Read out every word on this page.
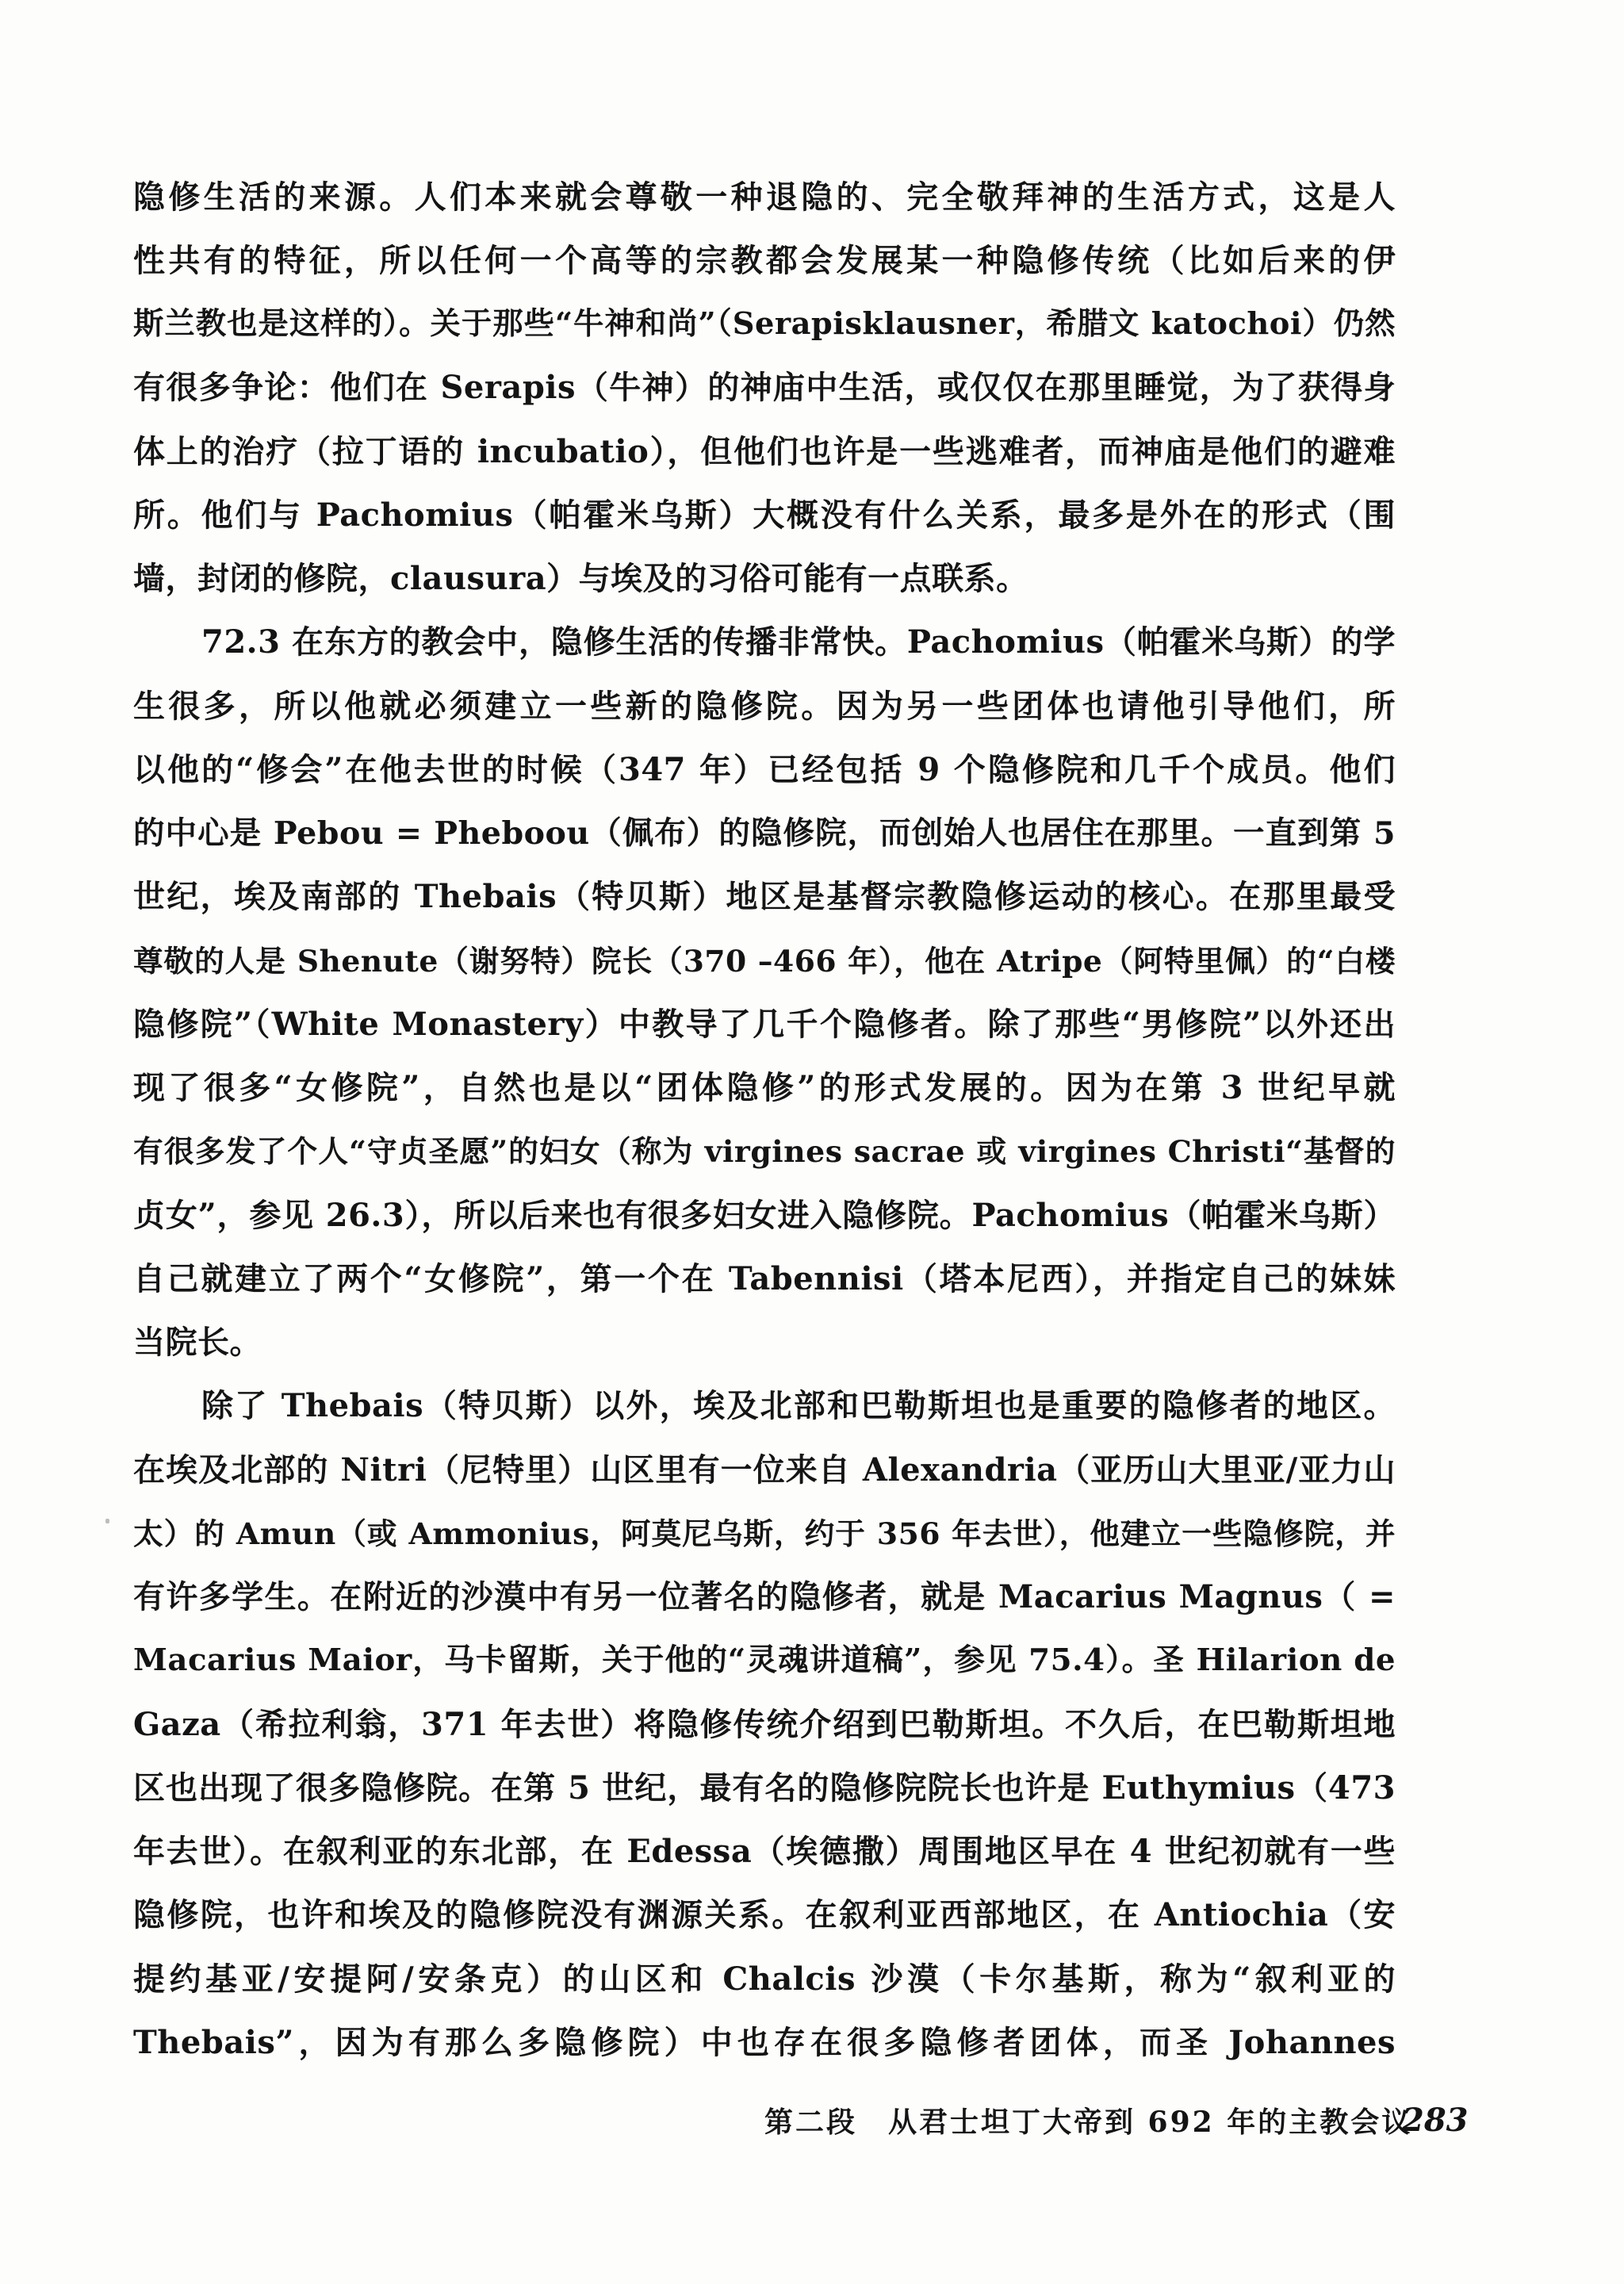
隐修生活的来源。人们本来就会尊敬一种退隐的、完全敬拜神的生活方式，这是人
性共有的特征，所以任何一个高等的宗教都会发展某一种隐修传统（比如后来的伊
斯兰教也是这样的）。关于那些“牛神和尚”（Serapisklausner，希腊文 katochoi）仍然
有很多争论：他们在 Serapis（牛神）的神庙中生活，或仅仅在那里睡觉，为了获得身
体上的治疗（拉丁语的 incubatio），但他们也许是一些逃难者，而神庙是他们的避难
所。他们与 Pachomius（帕霍米乌斯）大概没有什么关系，最多是外在的形式（围
墙，封闭的修院，clausura）与埃及的习俗可能有一点联系。
72.3 在东方的教会中，隐修生活的传播非常快。Pachomius（帕霍米乌斯）的学
生很多，所以他就必须建立一些新的隐修院。因为另一些团体也请他引导他们，所
以他的“修会”在他去世的时候（347 年）已经包括 9 个隐修院和几千个成员。他们
的中心是 Pebou = Pheboou（佩布）的隐修院，而创始人也居住在那里。一直到第 5
世纪，埃及南部的 Thebais（特贝斯）地区是基督宗教隐修运动的核心。在那里最受
尊敬的人是 Shenute（谢努特）院长（370 –466 年），他在 Atripe（阿特里佩）的“白楼
隐修院”（White Monastery）中教导了几千个隐修者。除了那些“男修院”以外还出
现了很多“女修院”，自然也是以“团体隐修”的形式发展的。因为在第 3 世纪早就
有很多发了个人“守贞圣愿”的妇女（称为 virgines sacrae 或 virgines Christi“基督的
贞女”，参见 26.3），所以后来也有很多妇女进入隐修院。Pachomius（帕霍米乌斯）
自己就建立了两个“女修院”，第一个在 Tabennisi（塔本尼西），并指定自己的妹妹
当院长。
除了 Thebais（特贝斯）以外，埃及北部和巴勒斯坦也是重要的隐修者的地区。
在埃及北部的 Nitri（尼特里）山区里有一位来自 Alexandria（亚历山大里亚/亚力山
太）的 Amun（或 Ammonius，阿莫尼乌斯，约于 356 年去世），他建立一些隐修院，并
有许多学生。在附近的沙漠中有另一位著名的隐修者，就是 Macarius Magnus（ =
Macarius Maior，马卡留斯，关于他的“灵魂讲道稿”，参见 75.4）。圣 Hilarion de
Gaza（希拉利翁，371 年去世）将隐修传统介绍到巴勒斯坦。不久后，在巴勒斯坦地
区也出现了很多隐修院。在第 5 世纪，最有名的隐修院院长也许是 Euthymius（473
年去世）。在叙利亚的东北部，在 Edessa（埃德撒）周围地区早在 4 世纪初就有一些
隐修院，也许和埃及的隐修院没有渊源关系。在叙利亚西部地区，在 Antiochia（安
提约基亚/安提阿/安条克）的山区和 Chalcis 沙漠（卡尔基斯，称为“叙利亚的
Thebais”，因为有那么多隐修院）中也存在很多隐修者团体，而圣 Johannes
第二段　从君士坦丁大帝到 692 年的主教会议
283
